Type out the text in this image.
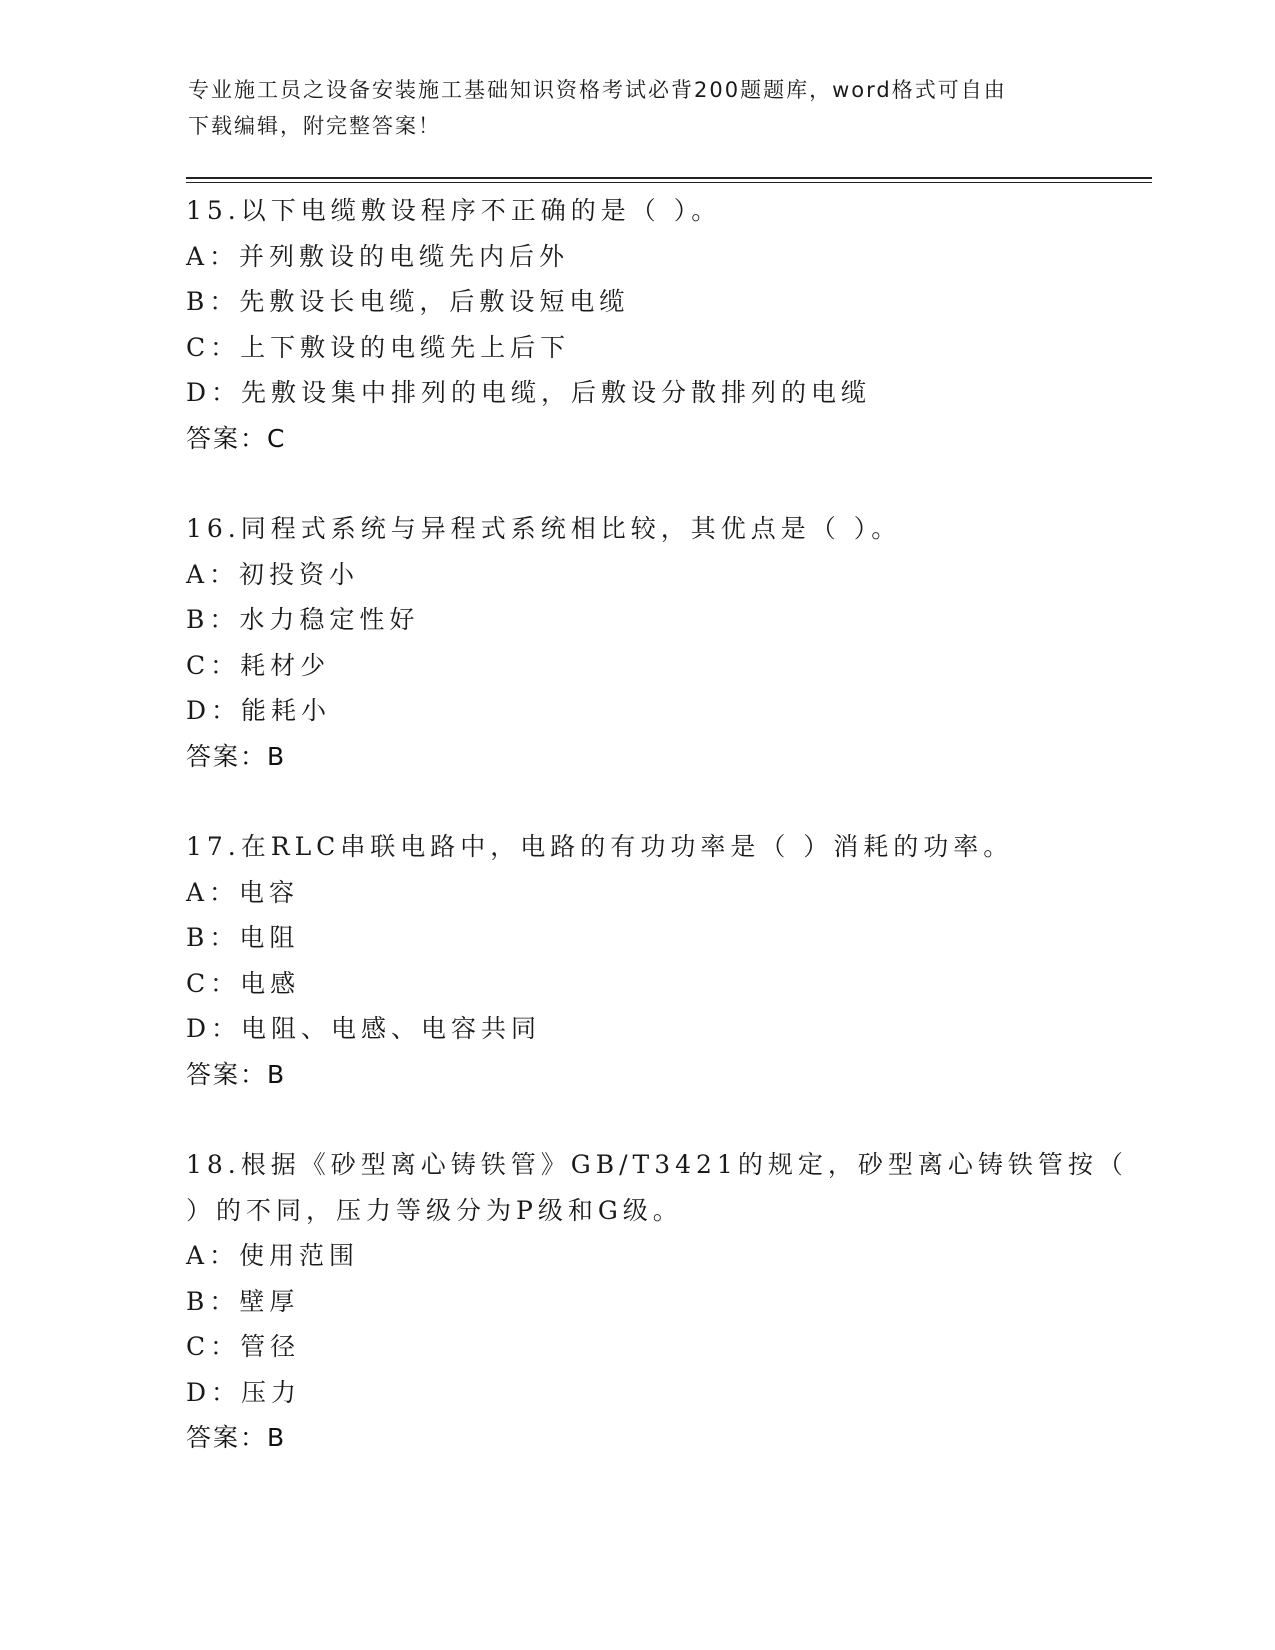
专业施工员之设备安装施工基础知识资格考试必背200题题库，word格式可自由
下载编辑，附完整答案！
15.以下电缆敷设程序不正确的是（ ）。
A：并列敷设的电缆先内后外
B：先敷设长电缆，后敷设短电缆
C：上下敷设的电缆先上后下
D：先敷设集中排列的电缆，后敷设分散排列的电缆
答案：C
16.同程式系统与异程式系统相比较，其优点是（ ）。
A：初投资小
B：水力稳定性好
C：耗材少
D：能耗小
答案：B
17.在RLC串联电路中，电路的有功功率是（ ）消耗的功率。
A：电容
B：电阻
C：电感
D：电阻、电感、电容共同
答案：B
18.根据《砂型离心铸铁管》GB/T3421的规定，砂型离心铸铁管按（
）的不同，压力等级分为P级和G级。
A：使用范围
B：壁厚
C：管径
D：压力
答案：B
